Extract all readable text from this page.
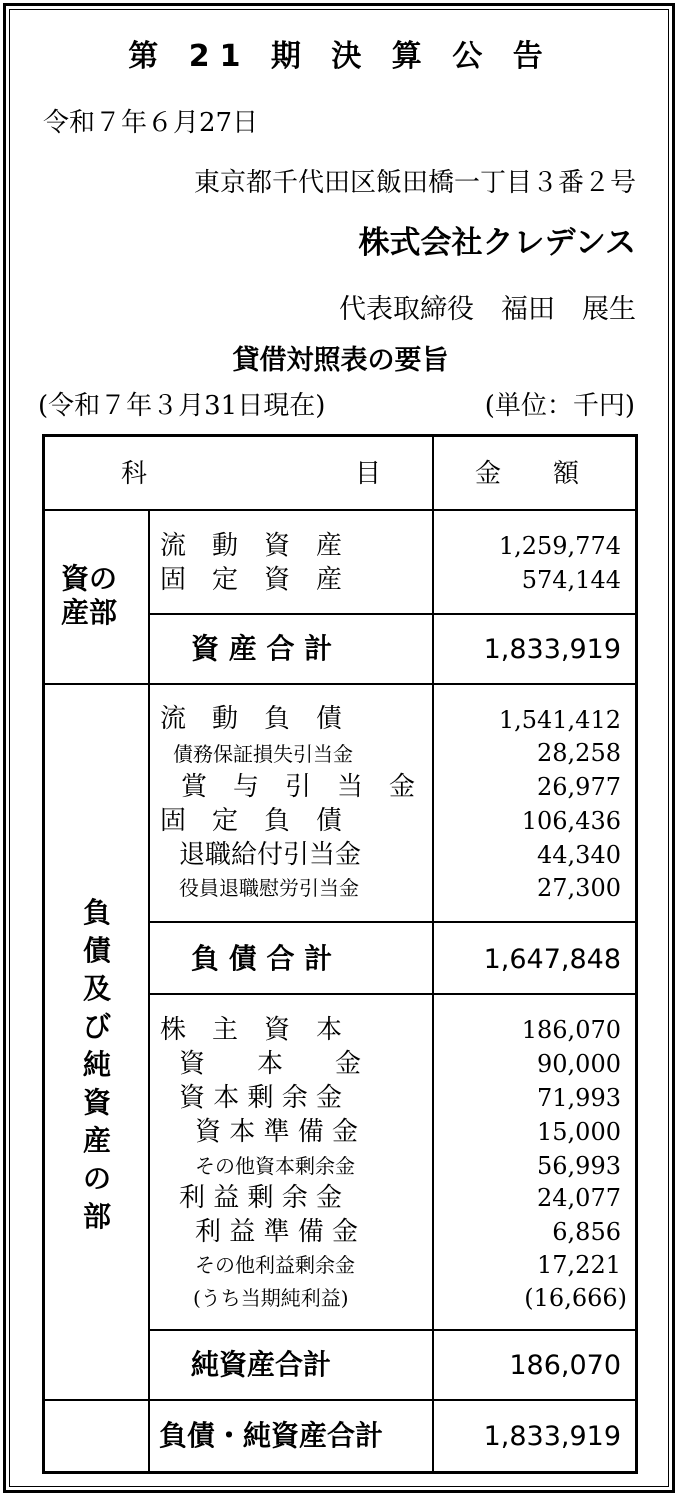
第 21 期 決 算 公 告
令和７年６月27日
東京都千代田区飯田橋一丁目３番２号
株式会社クレデンス
代表取締役　福田　展生
貸借対照表の要旨
(令和７年３月31日現在)	(単位：千円)
科　　　　　　　　目	金　　額
資の
産部
流　動　資　産	1,259,774
固　定　資　産	574,144
資 産 合 計	1,833,919
負
債
及
び
純
資
産
の
部
流　動　負　債	1,541,412
債務保証損失引当金	28,258
賞　与　引　当　金	26,977
固　定　負　債	106,436
退職給付引当金	44,340
役員退職慰労引当金	27,300
負 債 合 計	1,647,848
株　主　資　本	186,070
資　　本　　金	90,000
資 本 剰 余 金	71,993
資 本 準 備 金	15,000
その他資本剰余金	56,993
利 益 剰 余 金	24,077
利 益 準 備 金	6,856
その他利益剰余金	17,221
(うち当期純利益)	(16,666)
純資産合計	186,070
負債・純資産合計	1,833,919
